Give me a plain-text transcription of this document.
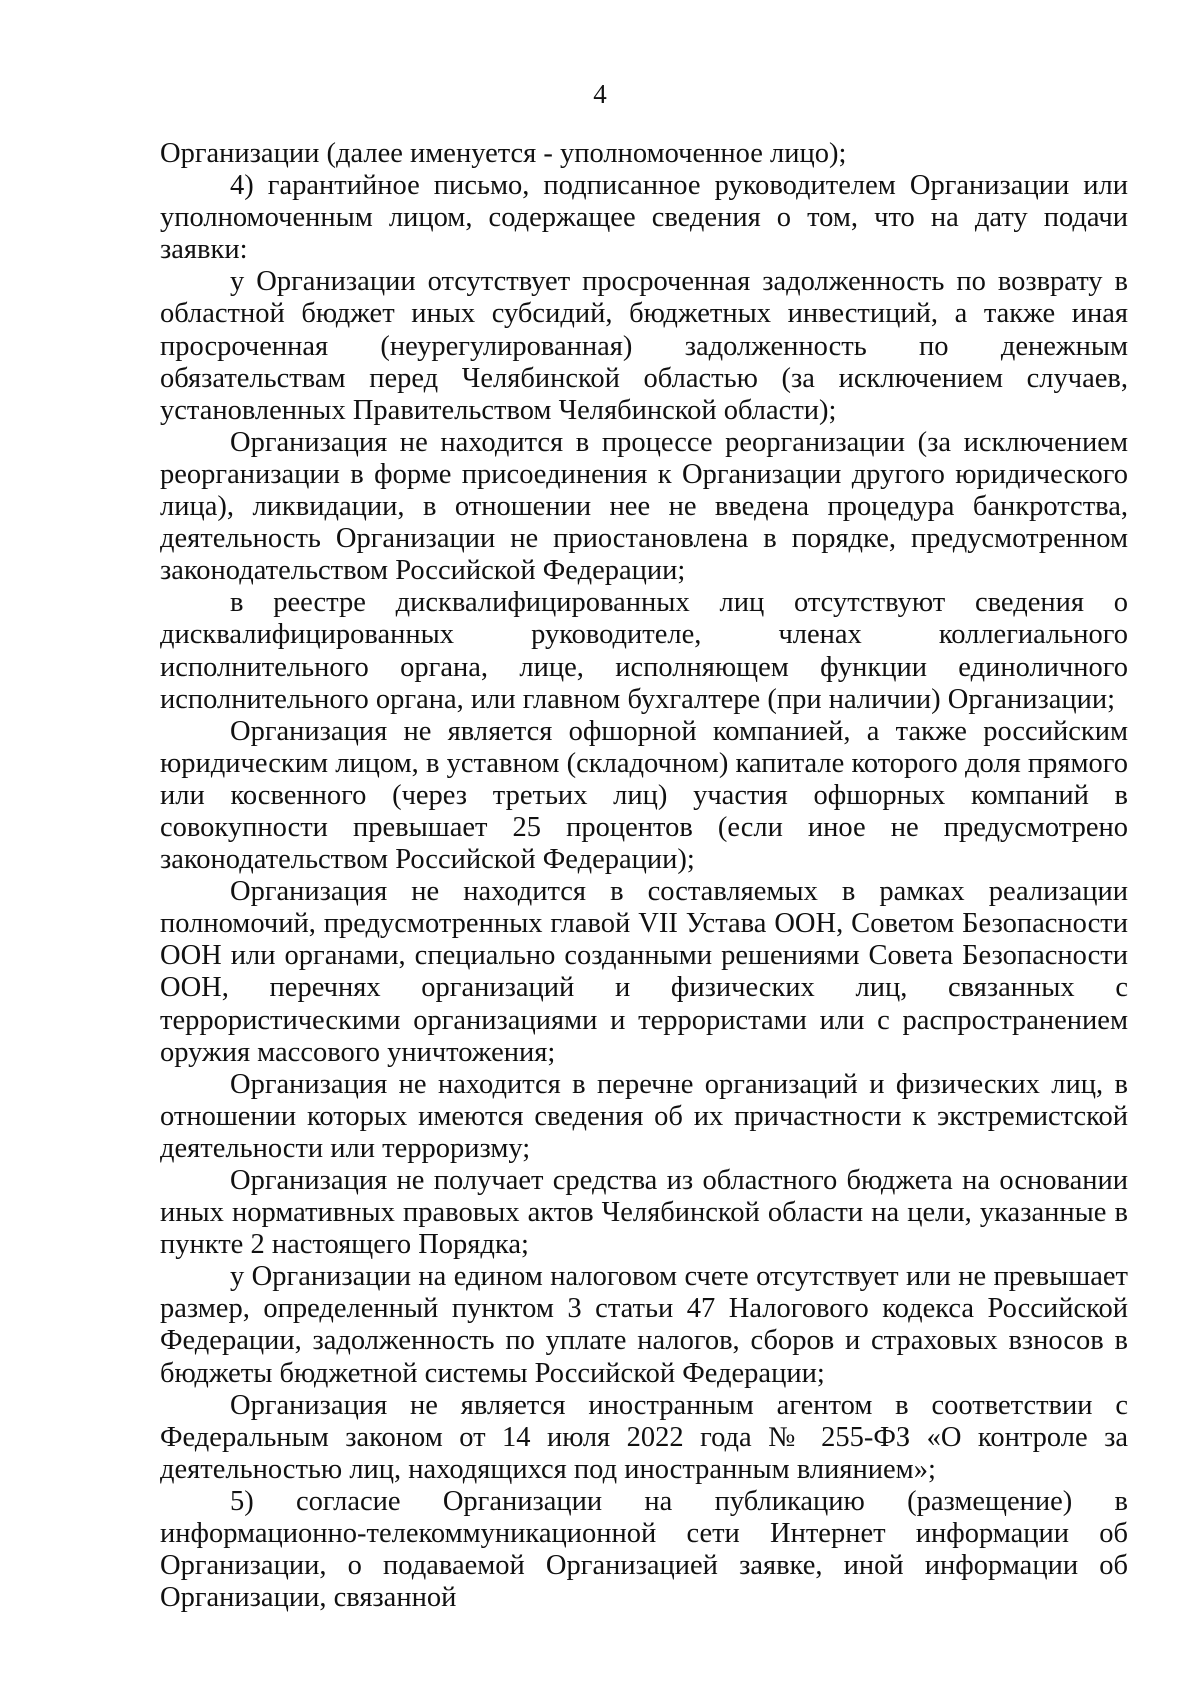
4

Организации (далее именуется - уполномоченное лицо);

4) гарантийное письмо, подписанное руководителем Организации или уполномоченным лицом, содержащее сведения о том, что на дату подачи заявки:

у Организации отсутствует просроченная задолженность по возврату в областной бюджет иных субсидий, бюджетных инвестиций, а также иная просроченная (неурегулированная) задолженность по денежным обязательствам перед Челябинской областью (за исключением случаев, установленных Правительством Челябинской области);

Организация не находится в процессе реорганизации (за исключением реорганизации в форме присоединения к Организации другого юридического лица), ликвидации, в отношении нее не введена процедура банкротства, деятельность Организации не приостановлена в порядке, предусмотренном законодательством Российской Федерации;

в реестре дисквалифицированных лиц отсутствуют сведения о дисквалифицированных руководителе, членах коллегиального исполнительного органа, лице, исполняющем функции единоличного исполнительного органа, или главном бухгалтере (при наличии) Организации;

Организация не является офшорной компанией, а также российским юридическим лицом, в уставном (складочном) капитале которого доля прямого или косвенного (через третьих лиц) участия офшорных компаний в совокупности превышает 25 процентов (если иное не предусмотрено законодательством Российской Федерации);

Организация не находится в составляемых в рамках реализации полномочий, предусмотренных главой VII Устава ООН, Советом Безопасности ООН или органами, специально созданными решениями Совета Безопасности ООН, перечнях организаций и физических лиц, связанных с террористическими организациями и террористами или с распространением оружия массового уничтожения;

Организация не находится в перечне организаций и физических лиц, в отношении которых имеются сведения об их причастности к экстремистской деятельности или терроризму;

Организация не получает средства из областного бюджета на основании иных нормативных правовых актов Челябинской области на цели, указанные в пункте 2 настоящего Порядка;

у Организации на едином налоговом счете отсутствует или не превышает размер, определенный пунктом 3 статьи 47 Налогового кодекса Российской Федерации, задолженность по уплате налогов, сборов и страховых взносов в бюджеты бюджетной системы Российской Федерации;

Организация не является иностранным агентом в соответствии с Федеральным законом от 14 июля 2022 года № 255-ФЗ «О контроле за деятельностью лиц, находящихся под иностранным влиянием»;

5) согласие Организации на публикацию (размещение) в информационно-телекоммуникационной сети Интернет информации об Организации, о подаваемой Организацией заявке, иной информации об Организации, связанной
